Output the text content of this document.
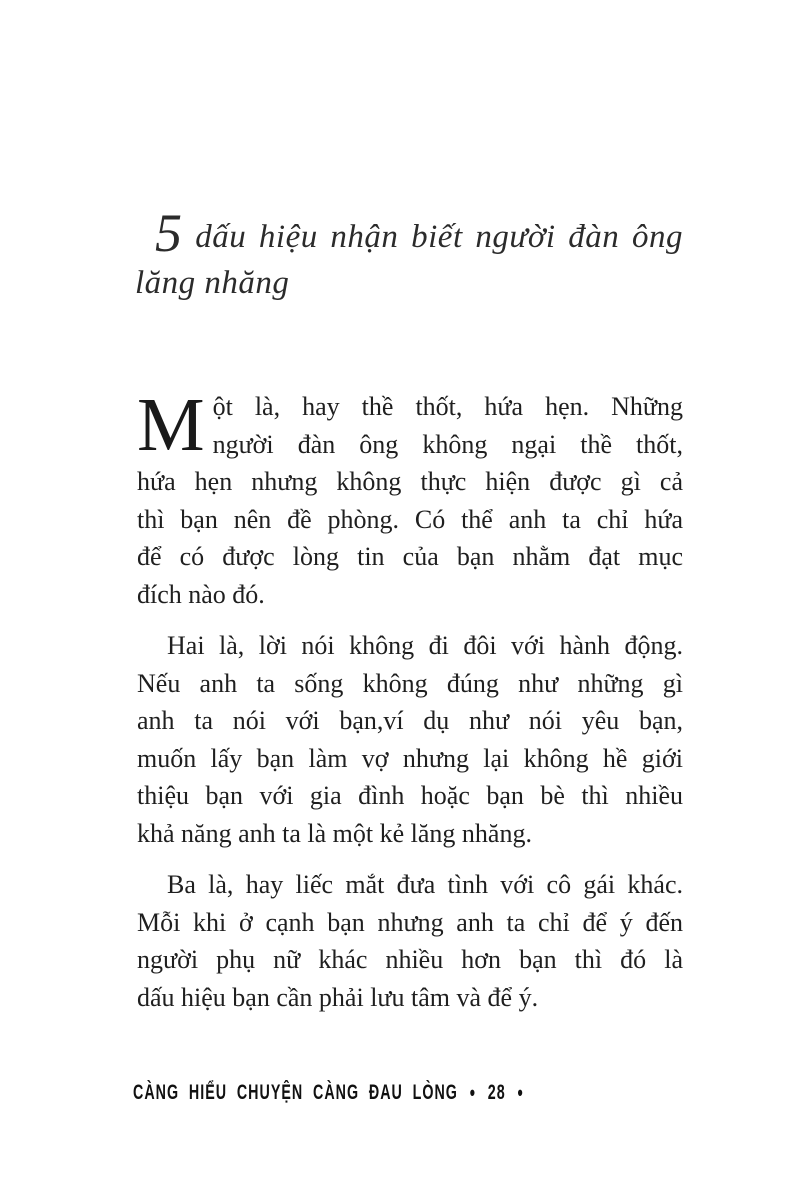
5 dấu hiệu nhận biết người đàn ông
lăng nhăng
M ột là, hay thề thốt, hứa hẹn. Những
người đàn ông không ngại thề thốt,
hứa hẹn nhưng không thực hiện được gì cả
thì bạn nên đề phòng. Có thể anh ta chỉ hứa
để có được lòng tin của bạn nhằm đạt mục
đích nào đó.
Hai là, lời nói không đi đôi với hành động.
Nếu anh ta sống không đúng như những gì
anh ta nói với bạn,ví dụ như nói yêu bạn,
muốn lấy bạn làm vợ nhưng lại không hề giới
thiệu bạn với gia đình hoặc bạn bè thì nhiều
khả năng anh ta là một kẻ lăng nhăng.
Ba là, hay liếc mắt đưa tình với cô gái khác.
Mỗi khi ở cạnh bạn nhưng anh ta chỉ để ý đến
người phụ nữ khác nhiều hơn bạn thì đó là
dấu hiệu bạn cần phải lưu tâm và để ý.
CÀNG HIỂU CHUYỆN CÀNG ĐAU LÒNG • 28 •
